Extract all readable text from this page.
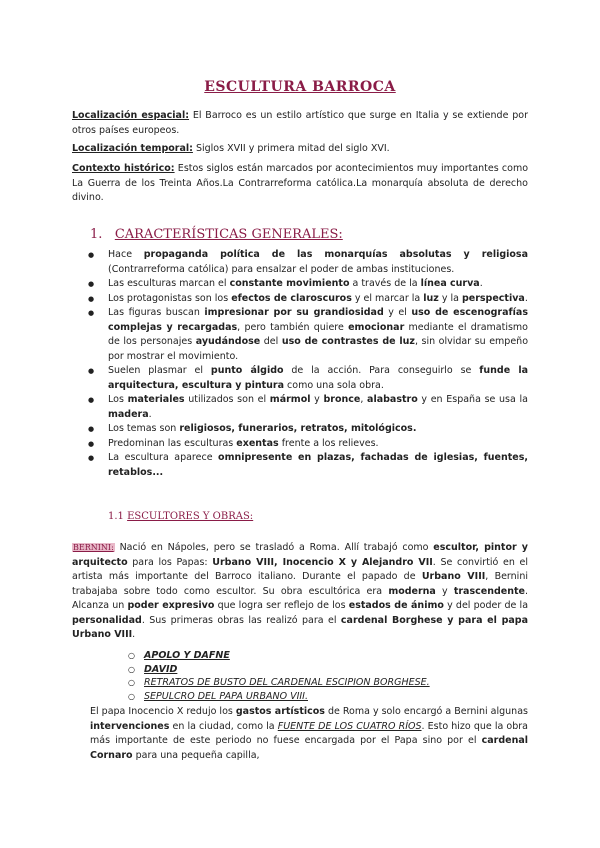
ESCULTURA BARROCA

Localización espacial: El Barroco es un estilo artístico que surge en Italia y se extiende por otros países europeos.

Localización temporal: Siglos XVII y primera mitad del siglo XVI.

Contexto histórico: Estos siglos están marcados por acontecimientos muy importantes como La Guerra de los Treinta Años.La Contrarreforma católica.La monarquía absoluta de derecho divino.

1. CARACTERÍSTICAS GENERALES:
● Hace propaganda política de las monarquías absolutas y religiosa (Contrarreforma católica) para ensalzar el poder de ambas instituciones.
● Las esculturas marcan el constante movimiento a través de la línea curva.
● Los protagonistas son los efectos de claroscuros y el marcar la luz y la perspectiva.
● Las figuras buscan impresionar por su grandiosidad y el uso de escenografías complejas y recargadas, pero también quiere emocionar mediante el dramatismo de los personajes ayudándose del uso de contrastes de luz, sin olvidar su empeño por mostrar el movimiento.
● Suelen plasmar el punto álgido de la acción. Para conseguirlo se funde la arquitectura, escultura y pintura como una sola obra.
● Los materiales utilizados son el mármol y bronce, alabastro y en España se usa la madera.
● Los temas son religiosos, funerarios, retratos, mitológicos.
● Predominan las esculturas exentas frente a los relieves.
● La escultura aparece omnipresente en plazas, fachadas de iglesias, fuentes, retablos...
1.1 ESCULTORES Y OBRAS:

BERNINI: Nació en Nápoles, pero se trasladó a Roma. Allí trabajó como escultor, pintor y arquitecto para los Papas: Urbano VIII, Inocencio X y Alejandro VII. Se convirtió en el artista más importante del Barroco italiano. Durante el papado de Urbano VIII, Bernini trabajaba sobre todo como escultor. Su obra escultórica era moderna y trascendente. Alcanza un poder expresivo que logra ser reflejo de los estados de ánimo y del poder de la personalidad. Sus primeras obras las realizó para el cardenal Borghese y para el papa Urbano VIII.

○ APOLO Y DAFNE
○ DAVID
○ RETRATOS DE BUSTO DEL CARDENAL ESCIPION BORGHESE.
○ SEPULCRO DEL PAPA URBANO VIII.

El papa Inocencio X redujo los gastos artísticos de Roma y solo encargó a Bernini algunas intervenciones en la ciudad, como la FUENTE DE LOS CUATRO RÍOS. Esto hizo que la obra más importante de este periodo no fuese encargada por el Papa sino por el cardenal Cornaro para una pequeña capilla,
